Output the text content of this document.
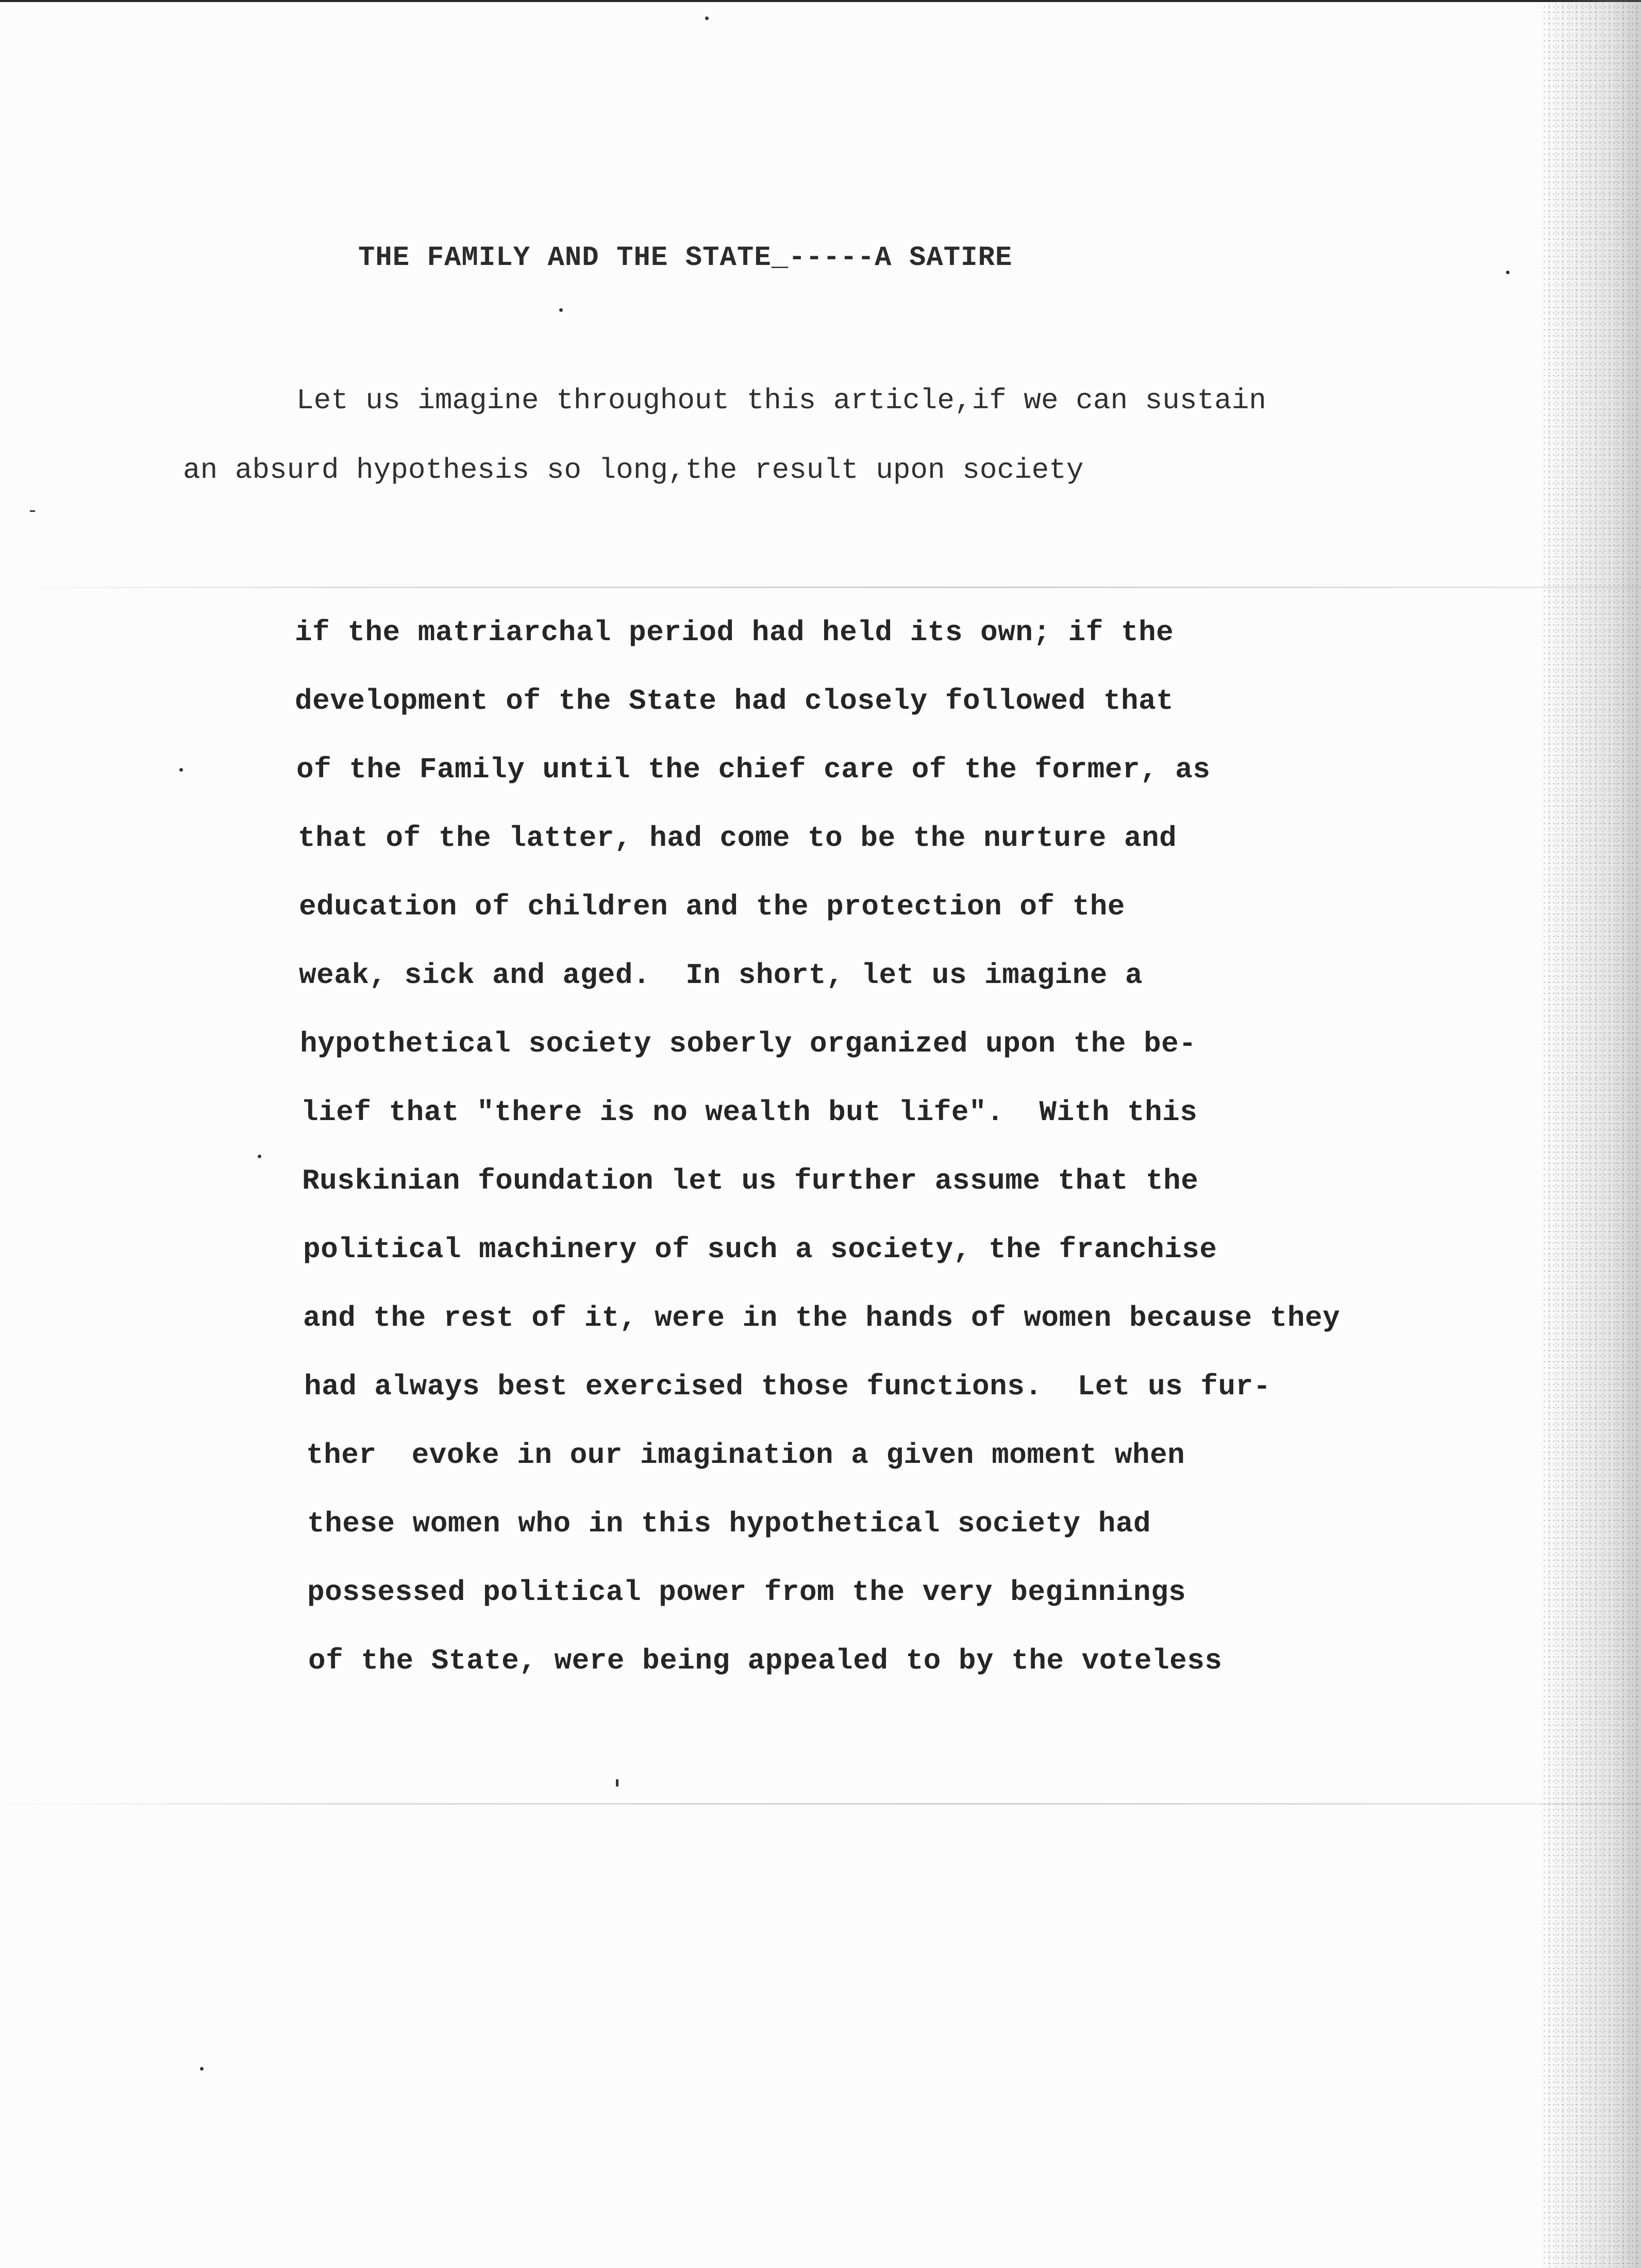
THE FAMILY AND THE STATE_-----A SATIRE
Let us imagine throughout this article,if we can sustain
an absurd hypothesis so long,the result upon society
if the matriarchal period had held its own; if the
development of the State had closely followed that
of the Family until the chief care of the former, as
that of the latter, had come to be the nurture and
education of children and the protection of the
weak, sick and aged.  In short, let us imagine a
hypothetical society soberly organized upon the be-
lief that "there is no wealth but life".  With this
Ruskinian foundation let us further assume that the
political machinery of such a society, the franchise
and the rest of it, were in the hands of women because they
had always best exercised those functions.  Let us fur-
ther  evoke in our imagination a given moment when
these women who in this hypothetical society had
possessed political power from the very beginnings
of the State, were being appealed to by the voteless
